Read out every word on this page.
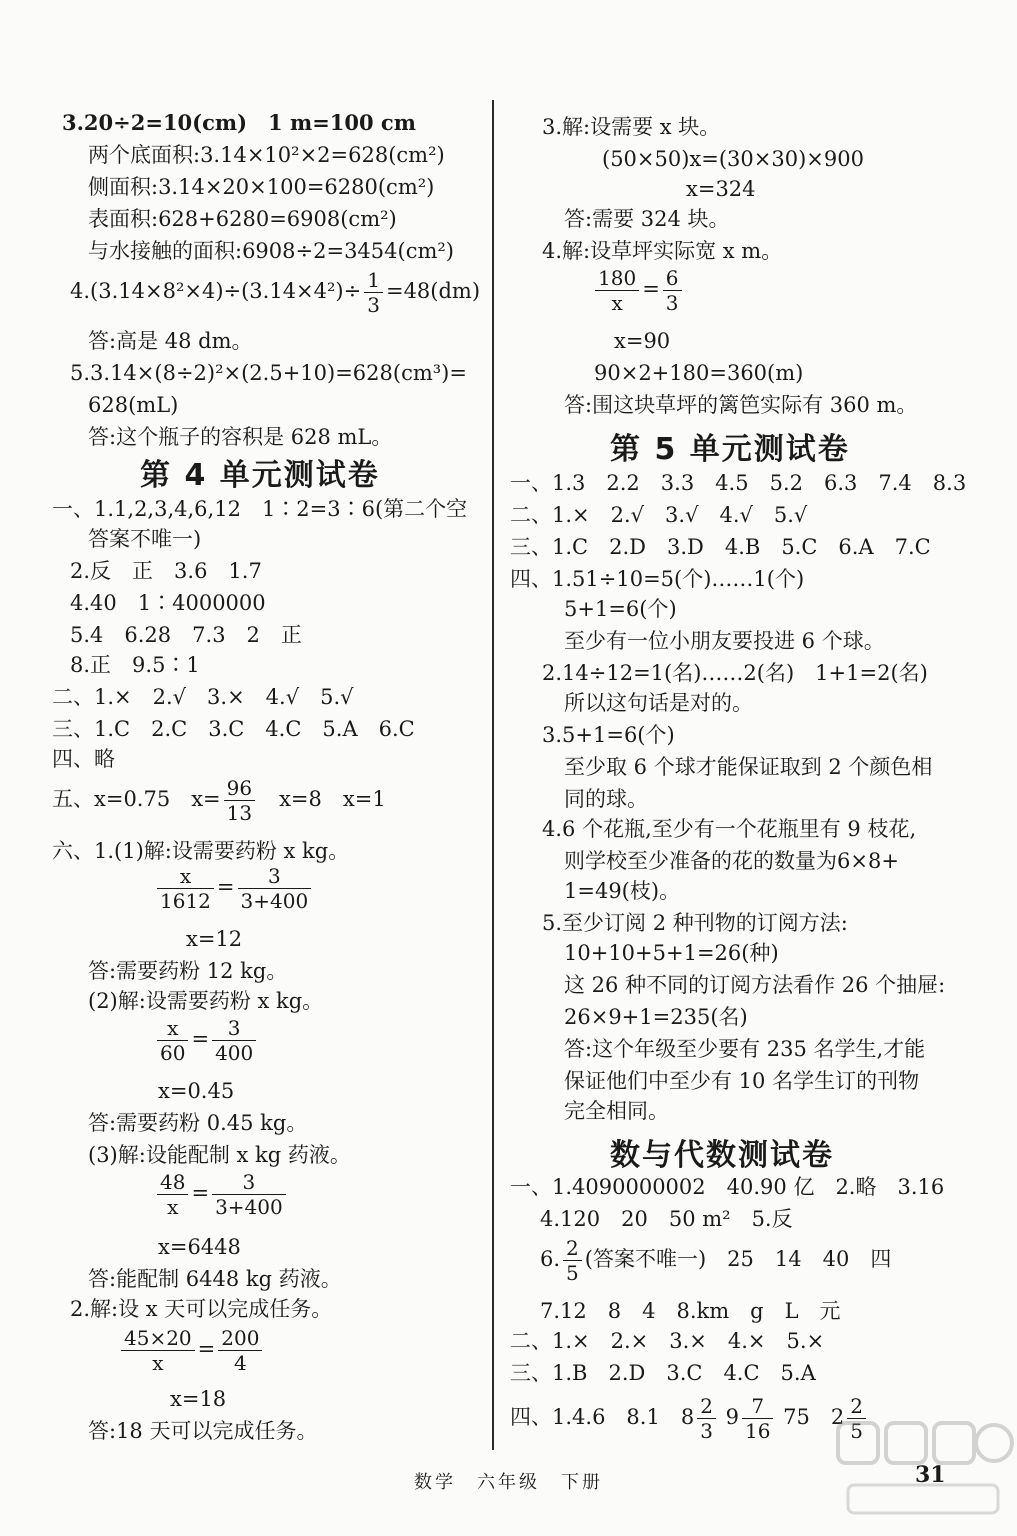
3.20÷2=10(cm)　1 m=100 cm
两个底面积:3.14×10²×2=628(cm²)
侧面积:3.14×20×100=6280(cm²)
表面积:628+6280=6908(cm²)
与水接触的面积:6908÷2=3454(cm²)
$4.(3.14\times 8^2\times 4)\div(3.14\times 4^2)\div \frac{1}{3} =48(dm)$
答:高是 48 dm。
5.3.14×(8÷2)²×(2.5+10)=628(cm³)=
628(mL)
答:这个瓶子的容积是 628 mL。
第 4 单元测试卷
一、1.1,2,3,4,6,12　1∶2=3∶6(第二个空
答案不唯一)
2.反　正　3.6　1.7
4.40　1∶4000000
5.4　6.28　7.3　2　正
8.正　9.5∶1
二、1.×　2.√　3.×　4.√　5.√
三、1.C　2.C　3.C　4.C　5.A　6.C
四、略
五、x=0.75　$x= \frac{96}{13}$ 　x=8　x=1
六、1.(1)解:设需要药粉 x kg。
$\frac{x}{1612} = \frac{3}{3+400}$
x=12
答:需要药粉 12 kg。
(2)解:设需要药粉 x kg。
$\frac{x}{60} = \frac{3}{400}$
x=0.45
答:需要药粉 0.45 kg。
(3)解:设能配制 x kg 药液。
$\frac{48}{x} = \frac{3}{3+400}$
x=6448
答:能配制 6448 kg 药液。
2.解:设 x 天可以完成任务。
$\frac{45\times 20}{x} = \frac{200}{4}$
x=18
答:18 天可以完成任务。
3.解:设需要 x 块。
(50×50)x=(30×30)×900
x=324
答:需要 324 块。
4.解:设草坪实际宽 x m。
$\frac{180}{x} = \frac{6}{3}$
x=90
90×2+180=360(m)
答:围这块草坪的篱笆实际有 360 m。
第 5 单元测试卷
一、1.3　2.2　3.3　4.5　5.2　6.3　7.4　8.3
二、1.×　2.√　3.√　4.√　5.√
三、1.C　2.D　3.D　4.B　5.C　6.A　7.C
四、1.51÷10=5(个)……1(个)
5+1=6(个)
至少有一位小朋友要投进 6 个球。
2.14÷12=1(名)……2(名)　1+1=2(名)
所以这句话是对的。
3.5+1=6(个)
至少取 6 个球才能保证取到 2 个颜色相
同的球。
4.6 个花瓶,至少有一个花瓶里有 9 枝花,
则学校至少准备的花的数量为6×8+
1=49(枝)。
5.至少订阅 2 种刊物的订阅方法:
10+10+5+1=26(种)
这 26 种不同的订阅方法看作 26 个抽屉:
26×9+1=235(名)
答:这个年级至少要有 235 名学生,才能
保证他们中至少有 10 名学生订的刊物
完全相同。
数与代数测试卷
一、1.4090000002　40.90 亿　2.略　3.16
4.120　20　50 m²　5.反
6. $\frac{2}{5}$ (答案不唯一)　25　14　40　四
7.12　8　4　8.km　g　L　元
二、1.×　2.×　3.×　4.×　5.×
三、1.B　2.D　3.C　4.C　5.A
四、1.4.6　8.1　$8 \frac{2}{3} 9 \frac{7}{16} 75$　$2 \frac{2}{5}$
数学　六年级　下册	31
